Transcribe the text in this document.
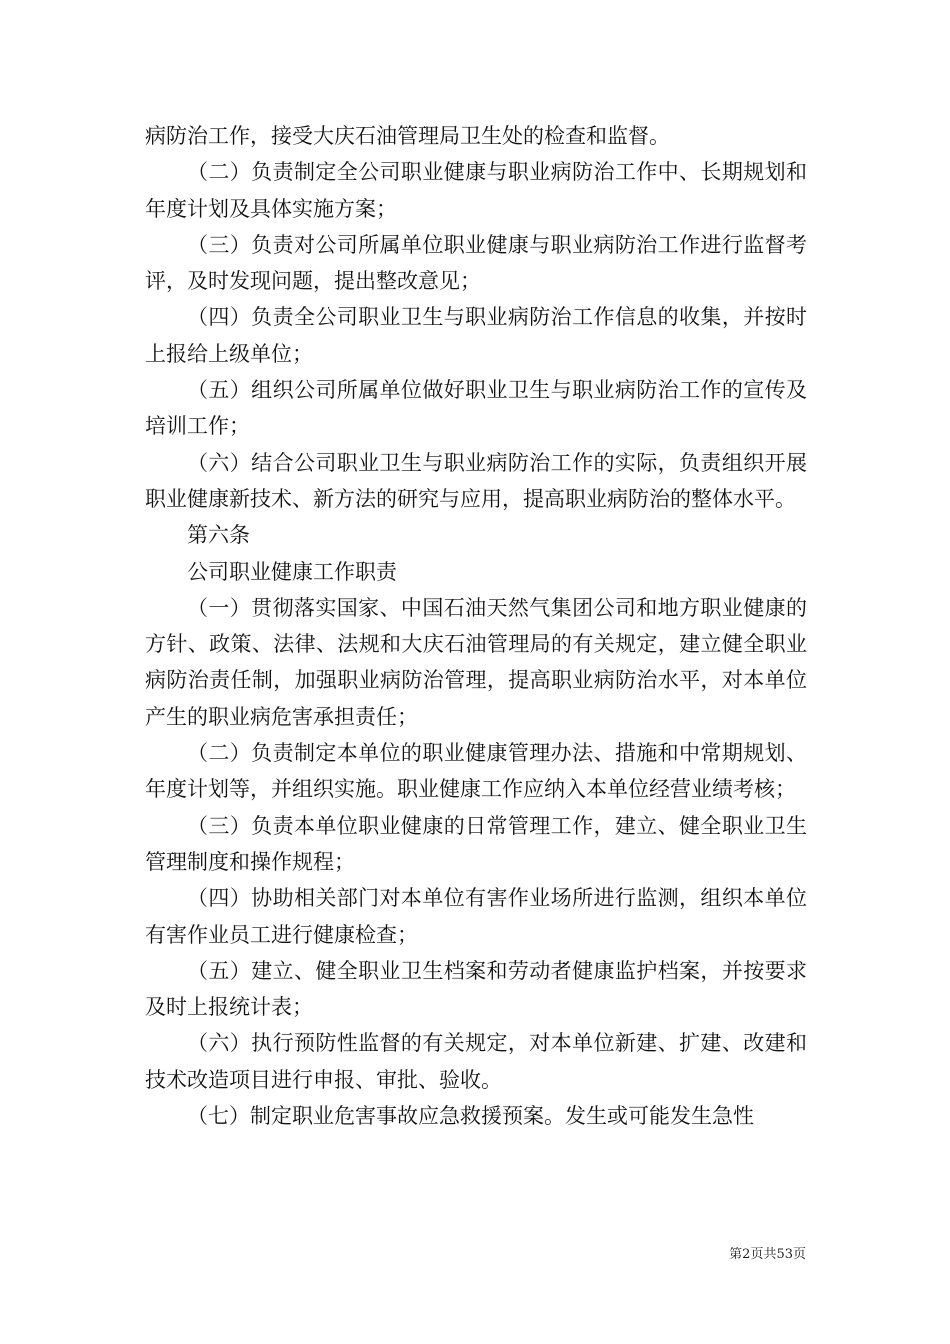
病防治工作，接受大庆石油管理局卫生处的检查和监督。

（二）负责制定全公司职业健康与职业病防治工作中、长期规划和年度计划及具体实施方案；

（三）负责对公司所属单位职业健康与职业病防治工作进行监督考评，及时发现问题，提出整改意见；

（四）负责全公司职业卫生与职业病防治工作信息的收集，并按时上报给上级单位；

（五）组织公司所属单位做好职业卫生与职业病防治工作的宣传及培训工作；

（六）结合公司职业卫生与职业病防治工作的实际，负责组织开展职业健康新技术、新方法的研究与应用，提高职业病防治的整体水平。

第六条

公司职业健康工作职责

（一）贯彻落实国家、中国石油天然气集团公司和地方职业健康的方针、政策、法律、法规和大庆石油管理局的有关规定，建立健全职业病防治责任制，加强职业病防治管理，提高职业病防治水平，对本单位产生的职业病危害承担责任；

（二）负责制定本单位的职业健康管理办法、措施和中常期规划、年度计划等，并组织实施。职业健康工作应纳入本单位经营业绩考核；

（三）负责本单位职业健康的日常管理工作，建立、健全职业卫生管理制度和操作规程；

（四）协助相关部门对本单位有害作业场所进行监测，组织本单位有害作业员工进行健康检查；

（五）建立、健全职业卫生档案和劳动者健康监护档案，并按要求及时上报统计表；

（六）执行预防性监督的有关规定，对本单位新建、扩建、改建和技术改造项目进行申报、审批、验收。

（七）制定职业危害事故应急救援预案。发生或可能发生急性

第2页共53页
